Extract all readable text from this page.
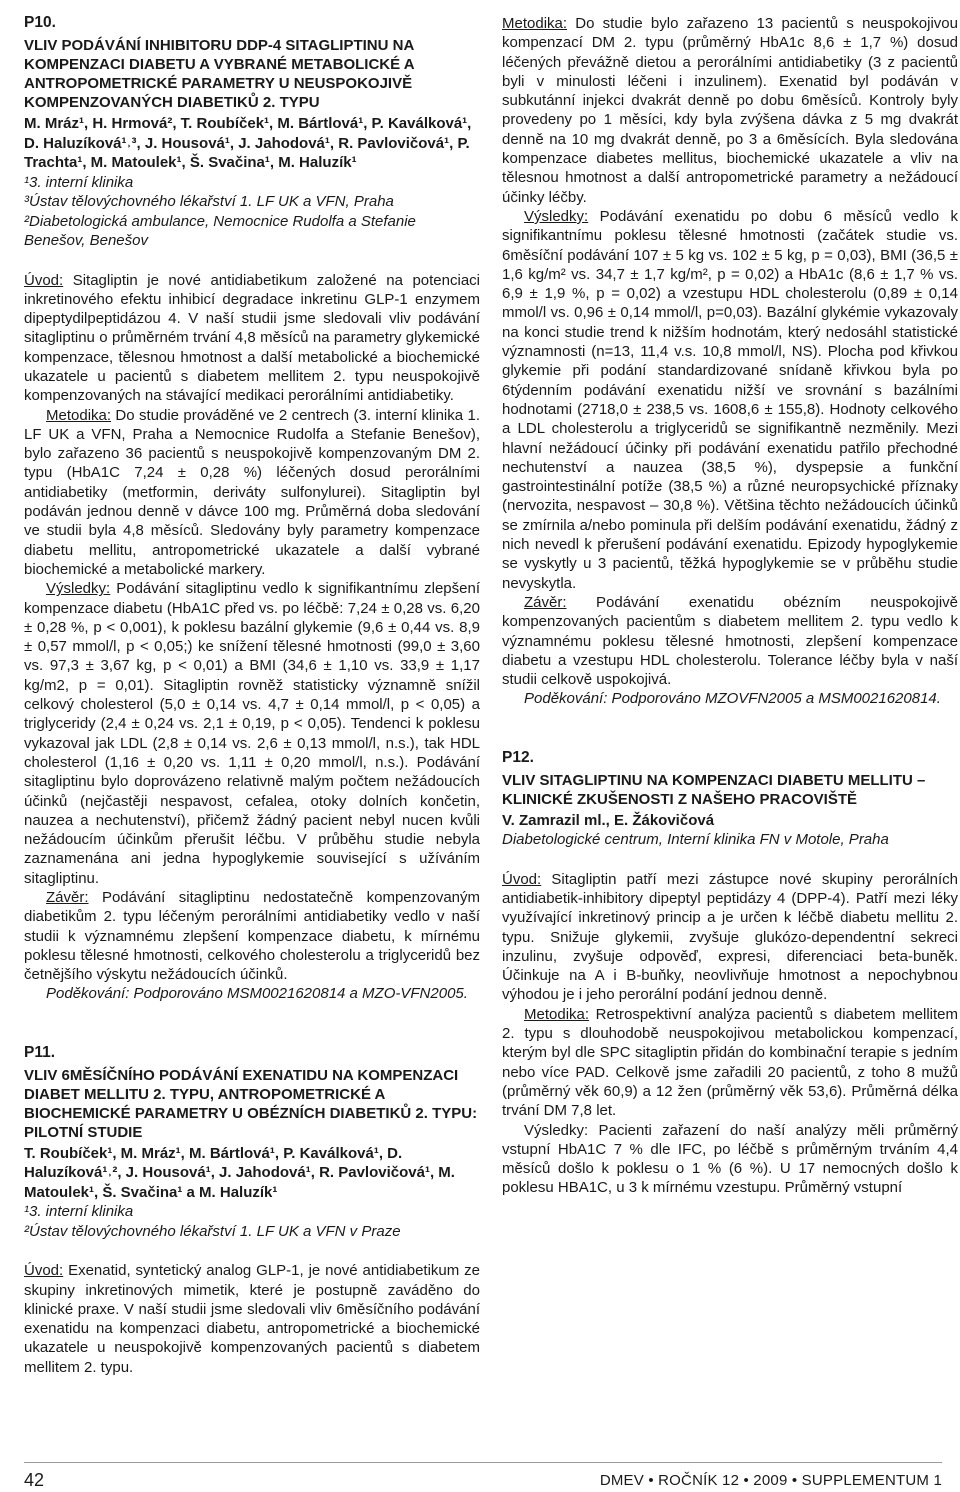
P10.
VLIV PODÁVÁNÍ INHIBITORU DDP-4 SITAGLIPTINU NA KOMPENZACI DIABETU A VYBRANÉ METABOLICKÉ A ANTROPOMETRICKÉ PARAMETRY U NEUSPOKOJIVĚ KOMPENZOVANÝCH DIABETIKŮ 2. TYPU
M. Mráz¹, H. Hrmová², T. Roubíček¹, M. Bártlová¹, P. Kaválková¹, D. Haluzíková¹˒³, J. Housová¹, J. Jahodová¹, R. Pavlovičová¹, P. Trachta¹, M. Matoulek¹, Š. Svačina¹, M. Haluzík¹
¹3. interní klinika
³Ústav tělovýchovného lékařství 1. LF UK a VFN, Praha
²Diabetologická ambulance, Nemocnice Rudolfa a Stefanie Benešov, Benešov

Úvod: Sitagliptin je nové antidiabetikum založené na potenciaci inkretinového efektu inhibicí degradace inkretinu GLP-1 enzymem dipeptydilpeptidázou 4. V naší studii jsme sledovali vliv podávání sitagliptinu o průměrném trvání 4,8 měsíců na parametry glykemické kompenzace, tělesnou hmotnost a další metabolické a biochemické ukazatele u pacientů s diabetem mellitem 2. typu neuspokojivě kompenzovaných na stávající medikaci perorálními antidiabetiky.

Metodika: Do studie prováděné ve 2 centrech (3. interní klinika 1. LF UK a VFN, Praha a Nemocnice Rudolfa a Stefanie Benešov), bylo zařazeno 36 pacientů s neuspokojivě kompenzovaným DM 2. typu (HbA1C 7,24 ± 0,28 %) léčených dosud perorálními antidiabetiky (metformin, deriváty sulfonylurei). Sitagliptin byl podáván jednou denně v dávce 100 mg. Průměrná doba sledování ve studii byla 4,8 měsíců. Sledovány byly parametry kompenzace diabetu mellitu, antropometrické ukazatele a další vybrané biochemické a metabolické markery.

Výsledky: Podávání sitagliptinu vedlo k signifikantnímu zlepšení kompenzace diabetu (HbA1C před vs. po léčbě: 7,24 ± 0,28 vs. 6,20 ± 0,28 %, p < 0,001), k poklesu bazální glykemie (9,6 ± 0,44 vs. 8,9 ± 0,57 mmol/l, p < 0,05;) ke snížení tělesné hmotnosti (99,0 ± 3,60 vs. 97,3 ± 3,67 kg, p < 0,01) a BMI (34,6 ± 1,10 vs. 33,9 ± 1,17 kg/m2, p = 0,01). Sitagliptin rovněž statisticky významně snížil celkový cholesterol (5,0 ± 0,14 vs. 4,7 ± 0,14 mmol/l, p < 0,05) a triglyceridy (2,4 ± 0,24 vs. 2,1 ± 0,19, p < 0,05). Tendenci k poklesu vykazoval jak LDL (2,8 ± 0,14 vs. 2,6 ± 0,13 mmol/l, n.s.), tak HDL cholesterol (1,16 ± 0,20 vs. 1,11 ± 0,20 mmol/l, n.s.). Podávání sitagliptinu bylo doprovázeno relativně malým počtem nežádoucích účinků (nejčastěji nespavost, cefalea, otoky dolních končetin, nauzea a nechutenství), přičemž žádný pacient nebyl nucen kvůli nežádoucím účinkům přerušit léčbu. V průběhu studie nebyla zaznamenána ani jedna hypoglykemie související s užíváním sitagliptinu.

Závěr: Podávání sitagliptinu nedostatečně kompenzovaným diabetikům 2. typu léčeným perorálními antidiabetiky vedlo v naší studii k významnému zlepšení kompenzace diabetu, k mírnému poklesu tělesné hmotnosti, celkového cholesterolu a triglyceridů bez četnějšího výskytu nežádoucích účinků.

Poděkování: Podporováno MSM0021620814 a MZO-VFN2005.

P11.
VLIV 6MĚSÍČNÍHO PODÁVÁNÍ EXENATIDU NA KOMPENZACI DIABET MELLITU 2. TYPU, ANTROPOMETRICKÉ A BIOCHEMICKÉ PARAMETRY U OBÉZNÍCH DIABETIKŮ 2. TYPU: PILOTNÍ STUDIE
T. Roubíček¹, M. Mráz¹, M. Bártlová¹, P. Kaválková¹, D. Haluzíková¹˒², J. Housová¹, J. Jahodová¹, R. Pavlovičová¹, M. Matoulek¹, Š. Svačina¹ a M. Haluzík¹
¹3. interní klinika
²Ústav tělovýchovného lékařství 1. LF UK a VFN v Praze

Úvod: Exenatid, syntetický analog GLP-1, je nové antidiabetikum ze skupiny inkretinových mimetik, které je postupně zaváděno do klinické praxe. V naší studii jsme sledovali vliv 6měsíčního podávání exenatidu na kompenzaci diabetu, antropometrické a biochemické ukazatele u neuspokojivě kompenzovaných pacientů s diabetem mellitem 2. typu.

Metodika: Do studie bylo zařazeno 13 pacientů s neuspokojivou kompenzací DM 2. typu (průměrný HbA1c 8,6 ± 1,7 %) dosud léčených převážně dietou a perorálními antidiabetiky (3 z pacientů byli v minulosti léčeni i inzulinem). Exenatid byl podáván v subkutánní injekci dvakrát denně po dobu 6měsíců. Kontroly byly provedeny po 1 měsíci, kdy byla zvýšena dávka z 5 mg dvakrát denně na 10 mg dvakrát denně, po 3 a 6měsících. Byla sledována kompenzace diabetes mellitus, biochemické ukazatele a vliv na tělesnou hmotnost a další antropometrické parametry a nežádoucí účinky léčby.

Výsledky: Podávání exenatidu po dobu 6 měsíců vedlo k signifikantnímu poklesu tělesné hmotnosti (začátek studie vs. 6měsíční podávání 107 ± 5 kg vs. 102 ± 5 kg, p = 0,03), BMI (36,5 ± 1,6 kg/m² vs. 34,7 ± 1,7 kg/m², p = 0,02) a HbA1c (8,6 ± 1,7 % vs. 6,9 ± 1,9 %, p = 0,02) a vzestupu HDL cholesterolu (0,89 ± 0,14 mmol/l vs. 0,96 ± 0,14 mmol/l, p=0,03). Bazální glykémie vykazovaly na konci studie trend k nižším hodnotám, který nedosáhl statistické významnosti (n=13, 11,4 v.s. 10,8 mmol/l, NS). Plocha pod křivkou glykemie při podání standardizované snídaně křivkou byla po 6týdenním podávání exenatidu nižší ve srovnání s bazálními hodnotami (2718,0 ± 238,5 vs. 1608,6 ± 155,8). Hodnoty celkového a LDL cholesterolu a triglyceridů se signifikantně nezměnily. Mezi hlavní nežádoucí účinky při podávání exenatidu patřilo přechodné nechutenství a nauzea (38,5 %), dyspepsie a funkční gastrointestinální potíže (38,5 %) a různé neuropsychické příznaky (nervozita, nespavost – 30,8 %). Většina těchto nežádoucích účinků se zmírnila a/nebo pominula při delším podávání exenatidu, žádný z nich nevedl k přerušení podávání exenatidu. Epizody hypoglykemie se vyskytly u 3 pacientů, těžká hypoglykemie se v průběhu studie nevyskytla.

Závěr: Podávání exenatidu obézním neuspokojivě kompenzovaných pacientům s diabetem mellitem 2. typu vedlo k významnému poklesu tělesné hmotnosti, zlepšení kompenzace diabetu a vzestupu HDL cholesterolu. Tolerance léčby byla v naší studii celkově uspokojivá.

Poděkování: Podporováno MZOVFN2005 a MSM0021620814.

P12.
VLIV SITAGLIPTINU NA KOMPENZACI DIABETU MELLITU – KLINICKÉ ZKUŠENOSTI Z NAŠEHO PRACOVIŠTĚ
V. Zamrazil ml., E. Žákovičová
Diabetologické centrum, Interní klinika FN v Motole, Praha

Úvod: Sitagliptin patří mezi zástupce nové skupiny perorálních antidiabetik-inhibitory dipeptyl peptidázy 4 (DPP-4). Patří mezi léky využívající inkretinový princip a je určen k léčbě diabetu mellitu 2. typu. Snižuje glykemii, zvyšuje glukózo-dependentní sekreci inzulinu, zvyšuje odpověď, expresi, diferenciaci beta-buněk. Účinkuje na A i B-buňky, neovlivňuje hmotnost a nepochybnou výhodou je i jeho perorální podání jednou denně.

Metodika: Retrospektivní analýza pacientů s diabetem mellitem 2. typu s dlouhodobě neuspokojivou metabolickou kompenzací, kterým byl dle SPC sitagliptin přidán do kombinační terapie s jedním nebo více PAD. Celkově jsme zařadili 20 pacientů, z toho 8 mužů (průměrný věk 60,9) a 12 žen (průměrný věk 53,6). Průměrná délka trvání DM 7,8 let.

Výsledky: Pacienti zařazení do naší analýzy měli průměrný vstupní HbA1C 7 % dle IFC, po léčbě s průměrným trváním 4,4 měsíců došlo k poklesu o 1 % (6 %). U 17 nemocných došlo k poklesu HBA1C, u 3 k mírnému vzestupu. Průměrný vstupní

42	DMEV • ROČNÍK 12 • 2009 • SUPPLEMENTUM 1
